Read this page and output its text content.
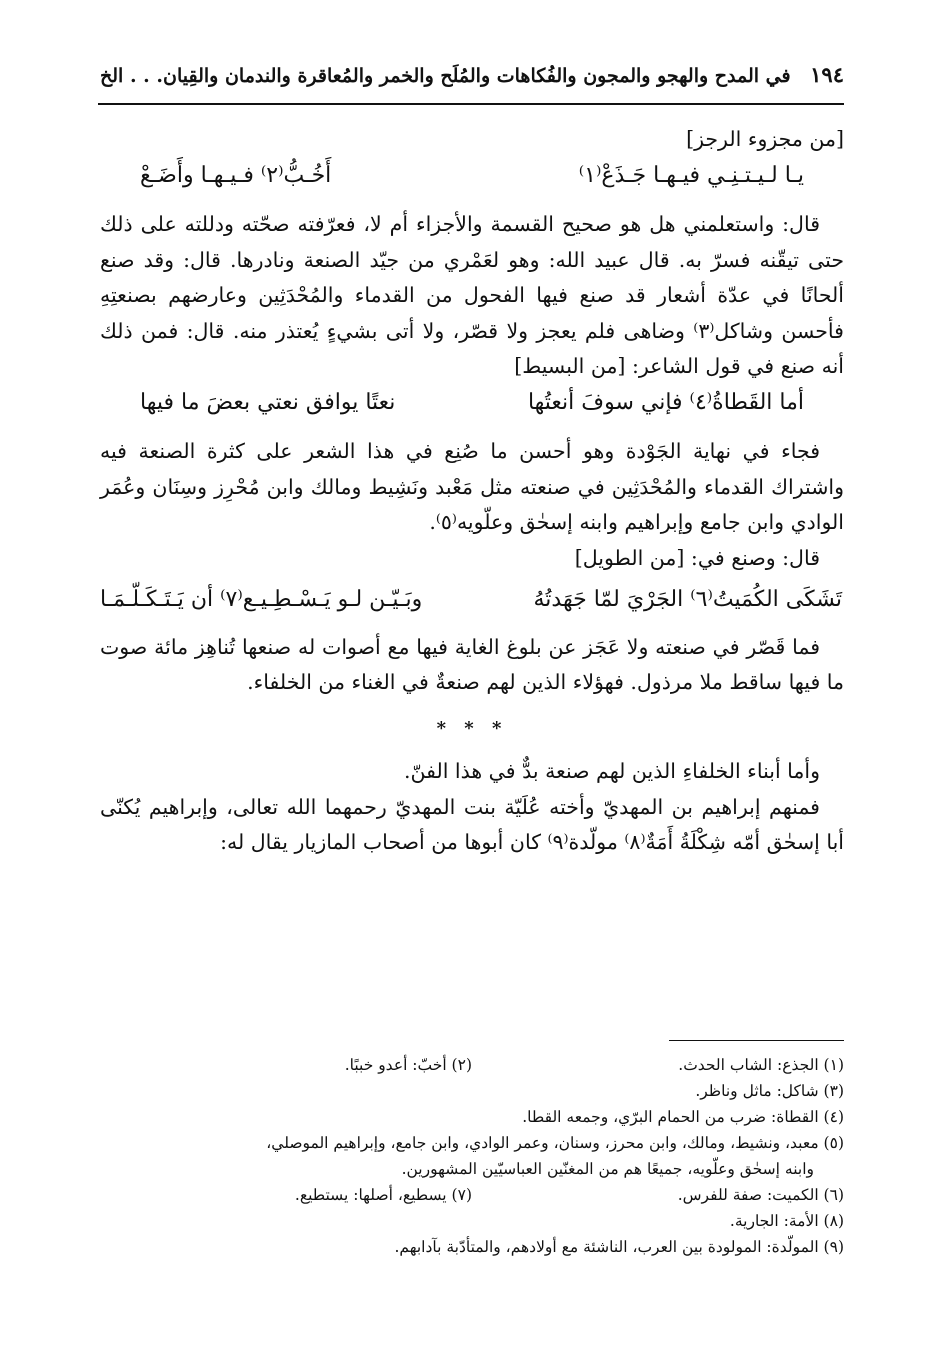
١٩٤
في المدح والهجو والمجون والفُكاهات والمُلَح والخمر والمُعاقرة والندمان والقِيان. . . الخ

[من مجزوء الرجز]

يـا لـيـتـنِـي فيـهـا جَـذَعْ⁽١⁾
أَخُـبُّ⁽٢⁾ فـيـهـا وأَضَـعْ

قال: واستعلمني هل هو صحيح القسمة والأجزاء أم لا، فعرّفته صحّته ودللته على ذلك حتى تيقّنه فسرّ به. قال عبيد الله: وهو لعَمْري من جيّد الصنعة ونادرها. قال: وقد صنع ألحانًا في عدّة أشعار قد صنع فيها الفحول من القدماء والمُحْدَثِين وعارضهم بصنعتِهِ فأحسن وشاكل⁽٣⁾ وضاهى فلم يعجز ولا قصّر، ولا أتى بشيءٍ يُعتذر منه. قال: فمن ذلك أنه صنع في قول الشاعر: [من البسيط]

أما القَطاةُ⁽٤⁾ فإني سوفَ أنعتُها
نعتًا يوافق نعتي بعضَ ما فيها

فجاء في نهاية الجَوْدة وهو أحسن ما صُنِع في هذا الشعر على كثرة الصنعة فيه واشتراك القدماء والمُحْدَثِين في صنعته مثل مَعْبد ونَشِيط ومالك وابن مُحْرِز وسِنَان وعُمَر الوادي وابن جامع وإبراهيم وابنه إسحٰق وعلّويه⁽٥⁾.

قال: وصنع في: [من الطويل]

تَشَكَى الكُمَيتُ⁽٦⁾ الجَرْيَ لمّا جَهَدتُهُ
وبَـيّـن لـو يَـسْـطِـيـع⁽٧⁾ أن يَـتَـكَـلّـمَـا

فما قَصّر في صنعته ولا عَجَز عن بلوغ الغاية فيها مع أصوات له صنعها تُناهِز مائة صوت ما فيها ساقط ملا مرذول. فهؤلاء الذين لهم صنعةٌ في الغناء من الخلفاء.

* * *

وأما أبناء الخلفاءِ الذين لهم صنعة بدٌّ في هذا الفنّ.

فمنهم إبراهيم بن المهديّ وأخته عُلَيّة بنت المهديّ رحمهما الله تعالى، وإبراهيم يُكنّى أبا إسحٰق أمّه شِكْلَةُ أَمَةٌ⁽٨⁾ مولّدة⁽٩⁾ كان أبوها من أصحاب المازيار يقال له:

(١) الجذع: الشاب الحدث.
(٢) أخبّ: أعدو خببًا.
(٣) شاكل: ماثل وناظر.
(٤) القطاة: ضرب من الحمام البرّي، وجمعه القطا.
(٥) معبد، ونشيط، ومالك، وابن محرز، وسنان، وعمر الوادي، وابن جامع، وإبراهيم الموصلي،
وابنه إسحٰق وعلّويه، جميعًا هم من المغنّين العباسيّين المشهورين.
(٦) الكميت: صفة للفرس.
(٧) يسطيع، أصلها: يستطيع.
(٨) الأمة: الجارية.
(٩) المولّدة: المولودة بين العرب، الناشئة مع أولادهم، والمتأدّبة بآدابهم.
